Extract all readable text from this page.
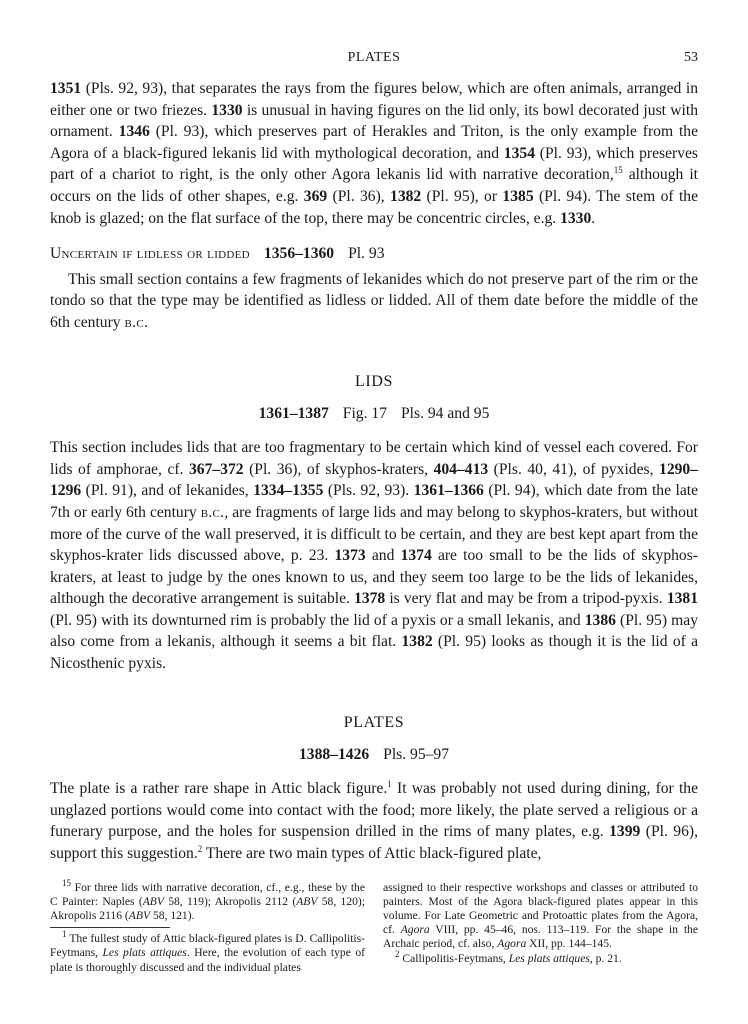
PLATES	53

1351 (Pls. 92, 93), that separates the rays from the figures below, which are often animals, arranged in either one or two friezes. 1330 is unusual in having figures on the lid only, its bowl decorated just with ornament. 1346 (Pl. 93), which preserves part of Herakles and Triton, is the only example from the Agora of a black-figured lekanis lid with mythological decoration, and 1354 (Pl. 93), which preserves part of a chariot to right, is the only other Agora lekanis lid with narrative decoration,$^{15}$ although it occurs on the lids of other shapes, e.g. 369 (Pl. 36), 1382 (Pl. 95), or 1385 (Pl. 94). The stem of the knob is glazed; on the flat surface of the top, there may be concentric circles, e.g. 1330.

Uncertain if lidless or lidded 1356–1360 Pl. 93

This small section contains a few fragments of lekanides which do not preserve part of the rim or the tondo so that the type may be identified as lidless or lidded. All of them date before the middle of the 6th century b.c.

LIDS
1361–1387 Fig. 17 Pls. 94 and 95

This section includes lids that are too fragmentary to be certain which kind of vessel each covered. For lids of amphorae, cf. 367–372 (Pl. 36), of skyphos-kraters, 404–413 (Pls. 40, 41), of pyxides, 1290–1296 (Pl. 91), and of lekanides, 1334–1355 (Pls. 92, 93). 1361–1366 (Pl. 94), which date from the late 7th or early 6th century b.c., are fragments of large lids and may belong to skyphos-kraters, but without more of the curve of the wall preserved, it is difficult to be certain, and they are best kept apart from the skyphos-krater lids discussed above, p. 23. 1373 and 1374 are too small to be the lids of skyphos-kraters, at least to judge by the ones known to us, and they seem too large to be the lids of lekanides, although the decorative arrangement is suitable. 1378 is very flat and may be from a tripod-pyxis. 1381 (Pl. 95) with its downturned rim is probably the lid of a pyxis or a small lekanis, and 1386 (Pl. 95) may also come from a lekanis, although it seems a bit flat. 1382 (Pl. 95) looks as though it is the lid of a Nicosthenic pyxis.

PLATES
1388–1426 Pls. 95–97

The plate is a rather rare shape in Attic black figure.$^1$ It was probably not used during dining, for the unglazed portions would come into contact with the food; more likely, the plate served a religious or a funerary purpose, and the holes for suspension drilled in the rims of many plates, e.g. 1399 (Pl. 96), support this suggestion.$^2$ There are two main types of Attic black-figured plate,

$^{15}$ For three lids with narrative decoration, cf., e.g., these by the C Painter: Naples (ABV 58, 119); Akropolis 2112 (ABV 58, 120); Akropolis 2116 (ABV 58, 121).

$^1$ The fullest study of Attic black-figured plates is D. Callipolitis-Feytmans, Les plats attiques. Here, the evolution of each type of plate is thoroughly discussed and the individual plates

assigned to their respective workshops and classes or attributed to painters. Most of the Agora black-figured plates appear in this volume. For Late Geometric and Protoattic plates from the Agora, cf. Agora VIII, pp. 45–46, nos. 113–119. For the shape in the Archaic period, cf. also, Agora XII, pp. 144–145.

$^2$ Callipolitis-Feytmans, Les plats attiques, p. 21.
